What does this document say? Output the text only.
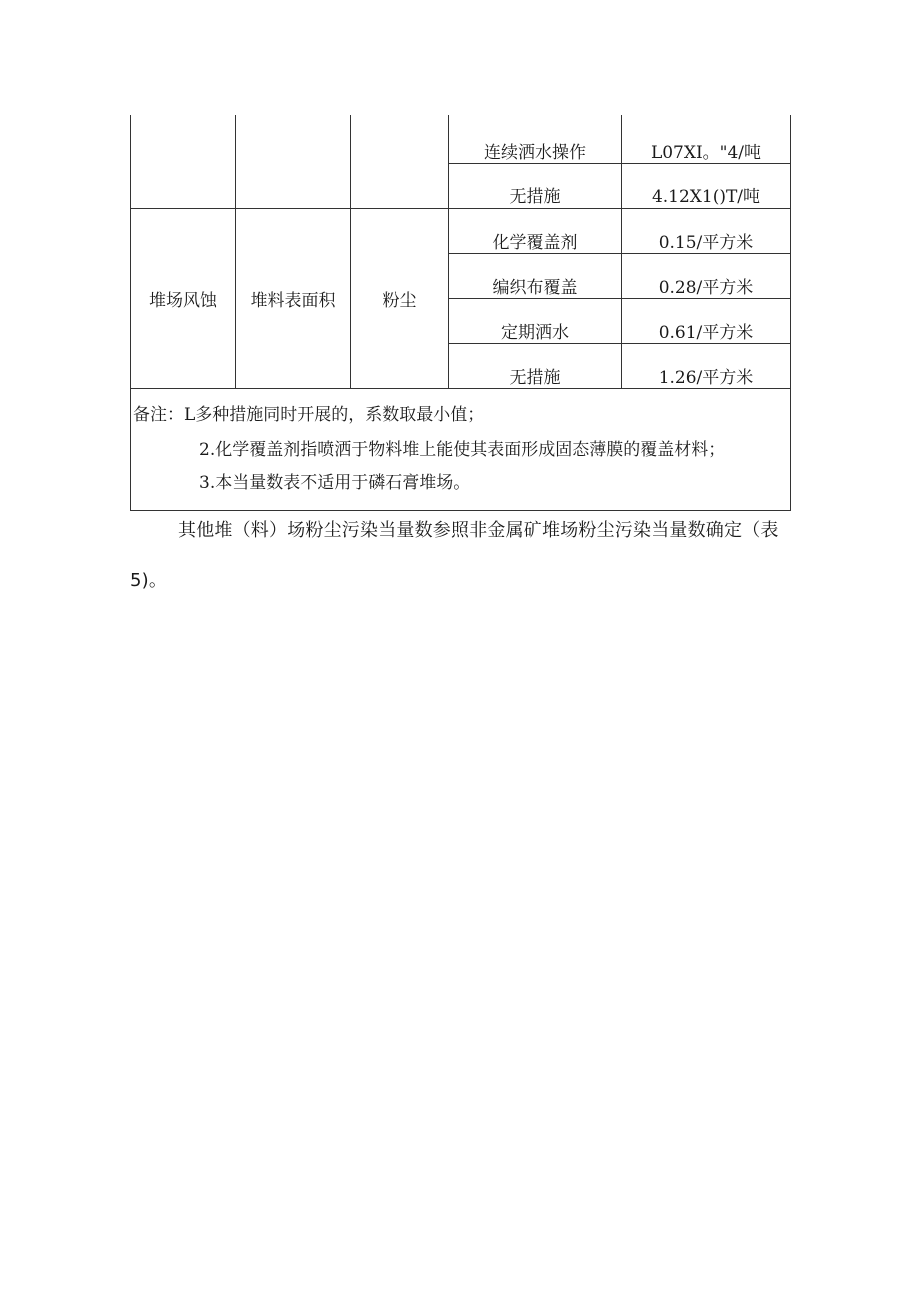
连续洒水操作	L07XI。"4/吨
无措施	4.12X1()T/吨
堆场风蚀	堆料表面积	粉尘
化学覆盖剂	0.15/平方米
编织布覆盖	0.28/平方米
定期洒水	0.61/平方米
无措施	1.26/平方米
备注：L多种措施同时开展的，系数取最小值；
2.化学覆盖剂指喷洒于物料堆上能使其表面形成固态薄膜的覆盖材料；
3.本当量数表不适用于磷石膏堆场。
其他堆（料）场粉尘污染当量数参照非金属矿堆场粉尘污染当量数确定（表
5)。
